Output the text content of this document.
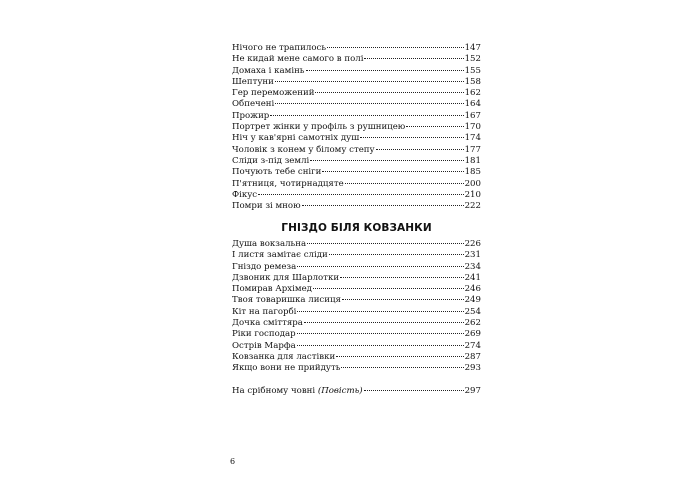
Нічого не трапилось	147
Не кидай мене самого в полі	152
Домаха і камінь	155
Шептуни	158
Гер переможений	162
Обпечені	164
Прожир	167
Портрет жінки у профіль з рушницею	170
Ніч у кав'ярні самотніх душ	174
Чоловік з конем у білому степу	177
Сліди з-під землі	181
Почують тебе сніги	185
П'ятниця, чотирнадцяте	200
Фікус	210
Помри зі мною	222
ГНІЗДО БІЛЯ КОВЗАНКИ
Душа вокзальна	226
І листя замітає сліди	231
Гніздо ремеза	234
Дзвоник для Шарлотки	241
Помирав Архімед	246
Твоя товаришка лисиця	249
Кіт на пагорбі	254
Дочка сміттяра	262
Ріки господар	269
Острів Марфа	274
Ковзанка для ластівки	287
Якщо вони не прийдуть	293
На срібному човні (Повість)	297
6
